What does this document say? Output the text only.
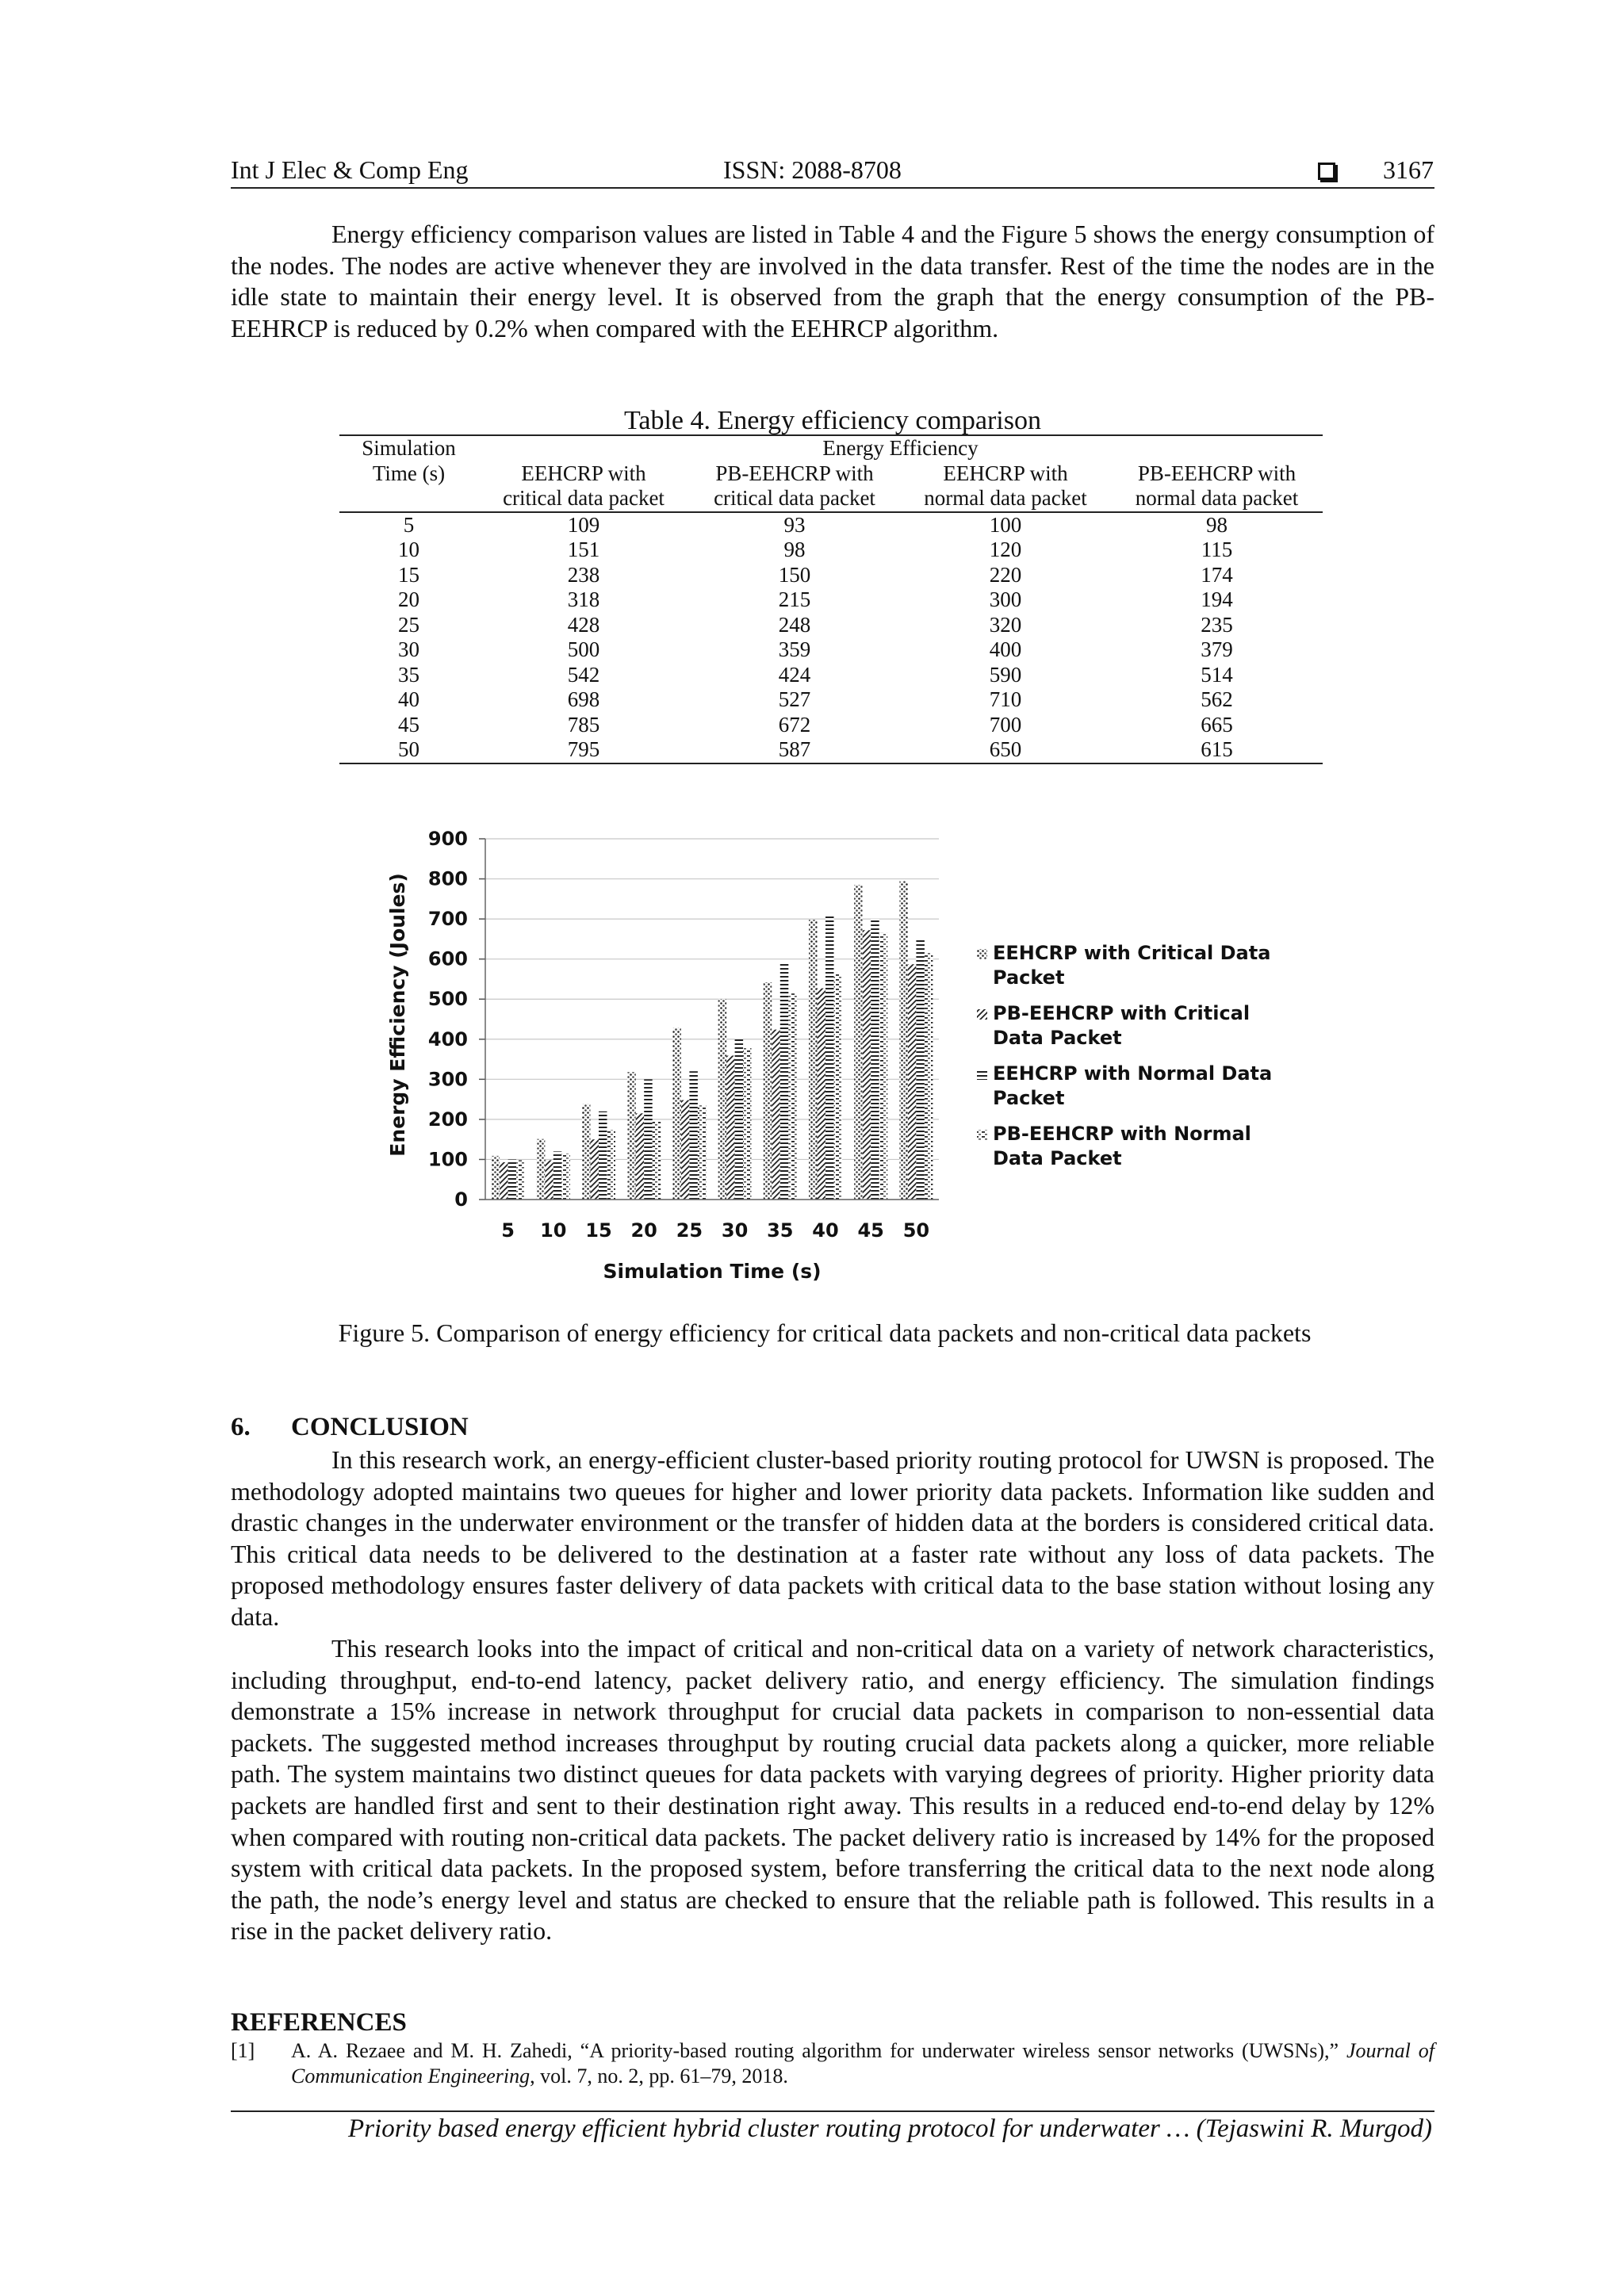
Int J Elec & Comp Eng	ISSN: 2088-8708	3167

Energy efficiency comparison values are listed in Table 4 and the Figure 5 shows the energy consumption of the nodes. The nodes are active whenever they are involved in the data transfer. Rest of the time the nodes are in the idle state to maintain their energy level. It is observed from the graph that the energy consumption of the PB-EEHRCP is reduced by 0.2% when compared with the EEHRCP algorithm.

Table 4. Energy efficiency comparison
Simulation	Energy Efficiency			
Time (s)	EEHCRP with	PB-EEHCRP with	EEHCRP with	PB-EEHCRP with
	critical data packet	critical data packet	normal data packet	normal data packet
5	109	93	100	98
10	151	98	120	115
15	238	150	220	174
20	318	215	300	194
25	428	248	320	235
30	500	359	400	379
35	542	424	590	514
40	698	527	710	562
45	785	672	700	665
50	795	587	650	615
0
100
200
300
400
500
600
700
800
900
5 10 15 20 25 30 35 40 45 50
Simulation Time (s)
Energy Efficiency (Joules)	EEHCRP with Critical Data
Packet
PB-EEHCRP with Critical
Data Packet
EEHCRP with Normal Data
Packet
PB-EEHCRP with Normal
Data Packet
Figure 5. Comparison of energy efficiency for critical data packets and non-critical data packets
6. CONCLUSION

In this research work, an energy-efficient cluster-based priority routing protocol for UWSN is proposed. The methodology adopted maintains two queues for higher and lower priority data packets. Information like sudden and drastic changes in the underwater environment or the transfer of hidden data at the borders is considered critical data. This critical data needs to be delivered to the destination at a faster rate without any loss of data packets. The proposed methodology ensures faster delivery of data packets with critical data to the base station without losing any data.

This research looks into the impact of critical and non-critical data on a variety of network characteristics, including throughput, end-to-end latency, packet delivery ratio, and energy efficiency. The simulation findings demonstrate a 15% increase in network throughput for crucial data packets in comparison to non-essential data packets. The suggested method increases throughput by routing crucial data packets along a quicker, more reliable path. The system maintains two distinct queues for data packets with varying degrees of priority. Higher priority data packets are handled first and sent to their destination right away. This results in a reduced end-to-end delay by 12% when compared with routing non-critical data packets. The packet delivery ratio is increased by 14% for the proposed system with critical data packets. In the proposed system, before transferring the critical data to the next node along the path, the node’s energy level and status are checked to ensure that the reliable path is followed. This results in a rise in the packet delivery ratio.

REFERENCES
[1] A. A. Rezaee and M. H. Zahedi, “A priority-based routing algorithm for underwater wireless sensor networks (UWSNs),” Journal of Communication Engineering, vol. 7, no. 2, pp. 61–79, 2018.
Priority based energy efficient hybrid cluster routing protocol for underwater … (Tejaswini R. Murgod)
